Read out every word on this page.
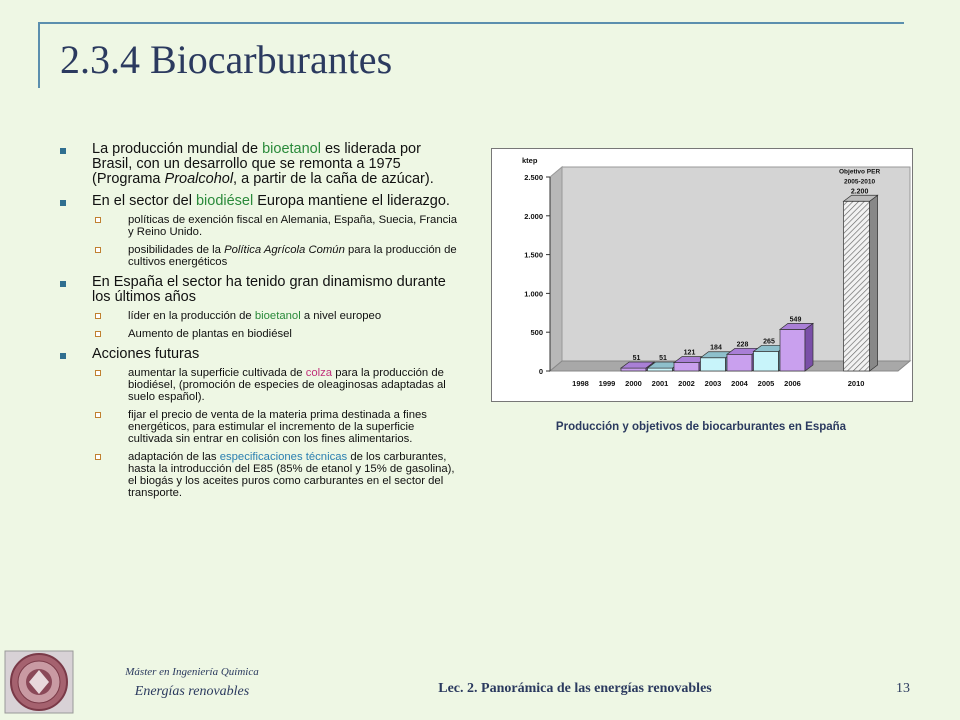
2.3.4 Biocarburantes
La producción mundial de bioetanol es liderada por Brasil, con un desarrollo que se remonta a 1975 (Programa Proalcohol, a partir de la caña de azúcar).
En el sector del biodiésel Europa mantiene el liderazgo.
políticas de exención fiscal en Alemania, España, Suecia, Francia y Reino Unido.
posibilidades de la Política Agrícola Común para la producción de cultivos energéticos
En España el sector ha tenido gran dinamismo durante los últimos años
líder en la producción de bioetanol a nivel europeo
Aumento de plantas en biodiésel
Acciones futuras
aumentar la superficie cultivada de colza para la producción de biodiésel, (promoción de especies de oleaginosas adaptadas al suelo español).
fijar el precio de venta de la materia prima destinada a fines energéticos, para estimular el incremento de la superficie cultivada sin entrar en colisión con los fines alimentarios.
adaptación de las especificaciones técnicas de los carburantes, hasta la introducción del E85 (85% de etanol y 15% de gasolina), el biogás y los aceites puros como carburantes en el sector del transporte.
0
500
1.000
1.500
2.000
2.500
ktep
1998 1999 2000 2001 2002 2003 2004 2005 2006	2010
51	51
121
184 228 265
549
2.200
Objetivo PER
2005-2010
Producción y objetivos de biocarburantes en España
Máster en Ingeniería Química
Energías renovables	Lec. 2. Panorámica de las energías renovables	13
